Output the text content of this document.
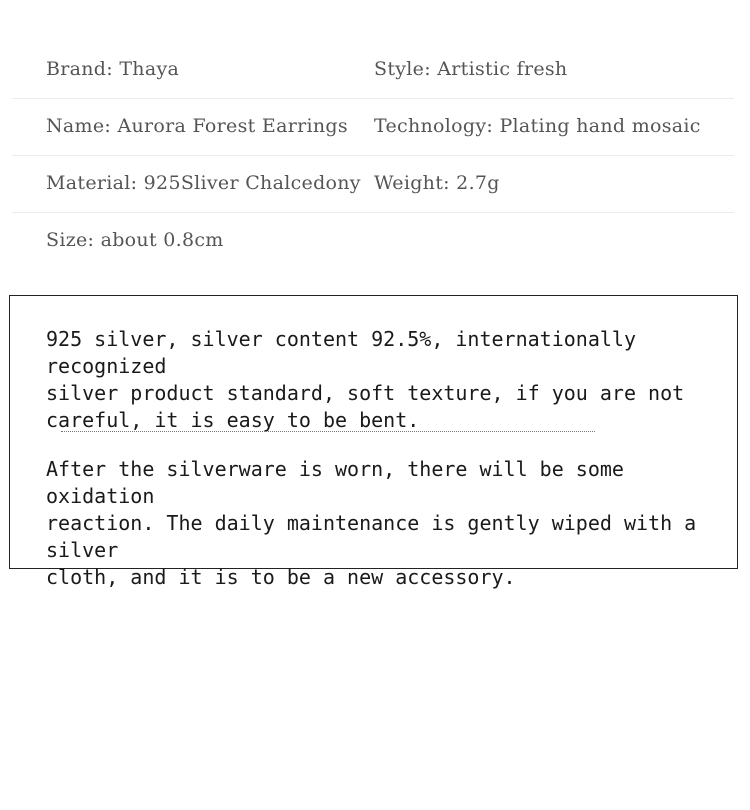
Brand: Thaya	Style: Artistic fresh
Name: Aurora Forest Earrings Technology: Plating hand mosaic
Material: 925Sliver Chalcedony Weight: 2.7g
Size: about 0.8cm
925 silver, silver content 92.5%, internationally recognized
silver product standard, soft texture, if you are not
careful, it is easy to be bent.
After the silverware is worn, there will be some oxidation
reaction. The daily maintenance is gently wiped with a silver
cloth, and it is to be a new accessory.
